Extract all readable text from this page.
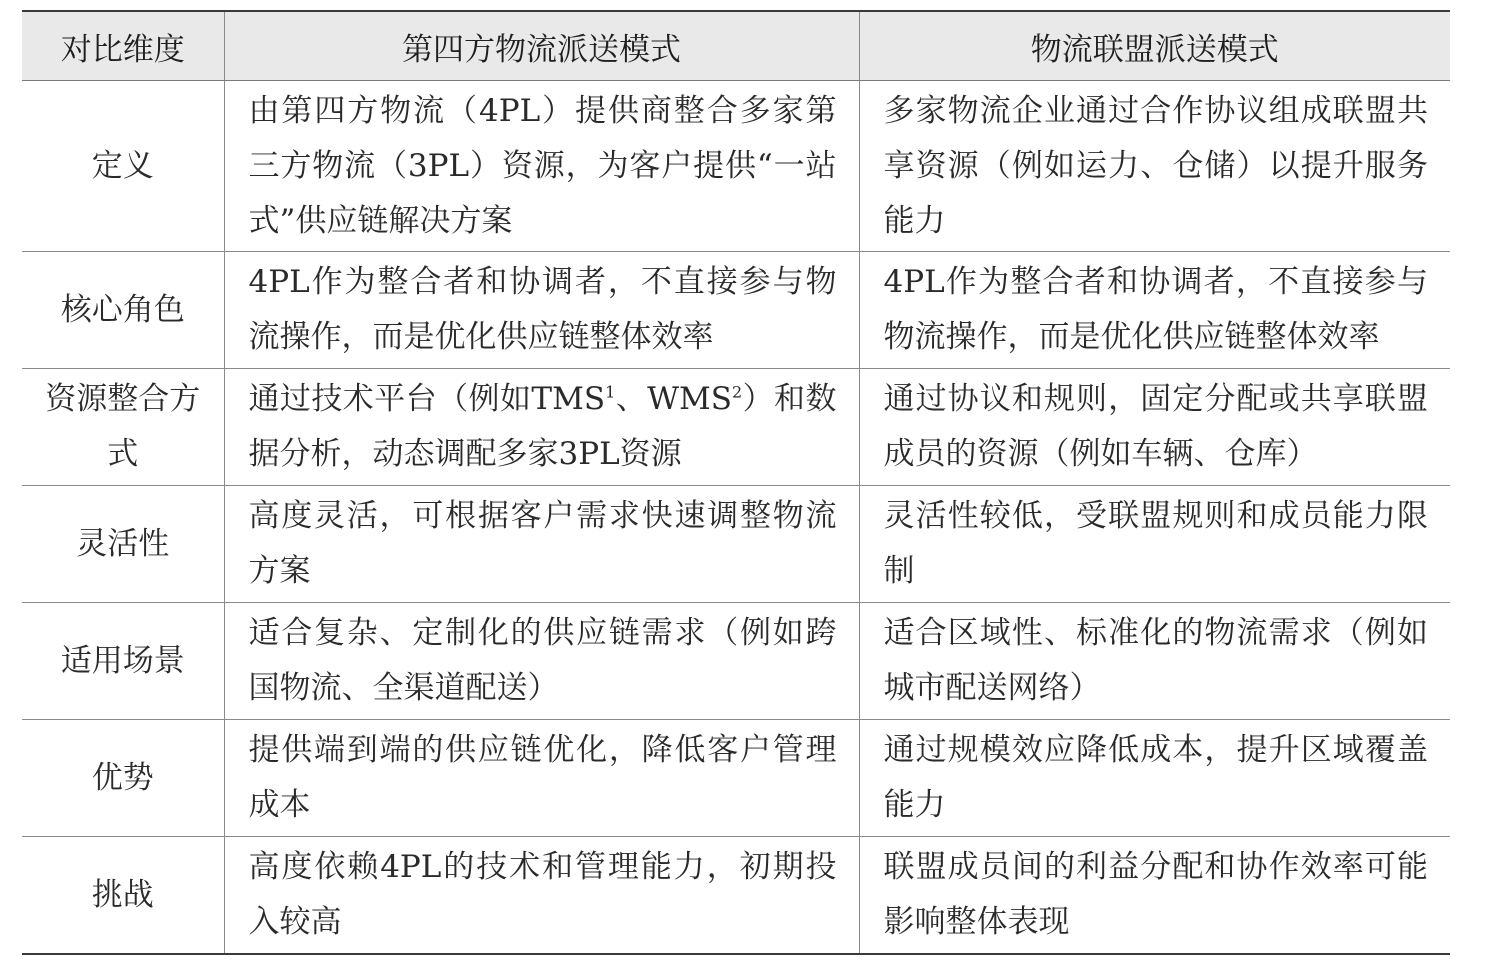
对比维度	第四方物流派送模式	物流联盟派送模式
定义	由第四方物流（4PL）提供商整合多家第三方物流（3PL）资源，为客户提供“一站式”供应链解决方案	多家物流企业通过合作协议组成联盟共享资源（例如运力、仓储）以提升服务能力
核心角色	4PL作为整合者和协调者，不直接参与物流操作，而是优化供应链整体效率	4PL作为整合者和协调者，不直接参与物流操作，而是优化供应链整体效率
资源整合方式	通过技术平台（例如TMS$^1$、WMS$^2$）和数据分析，动态调配多家3PL资源	通过协议和规则，固定分配或共享联盟成员的资源（例如车辆、仓库）
灵活性	高度灵活，可根据客户需求快速调整物流方案	灵活性较低，受联盟规则和成员能力限制
适用场景	适合复杂、定制化的供应链需求（例如跨国物流、全渠道配送）	适合区域性、标准化的物流需求（例如城市配送网络）
优势	提供端到端的供应链优化，降低客户管理成本	通过规模效应降低成本，提升区域覆盖能力
挑战	高度依赖4PL的技术和管理能力，初期投入较高	联盟成员间的利益分配和协作效率可能影响整体表现
